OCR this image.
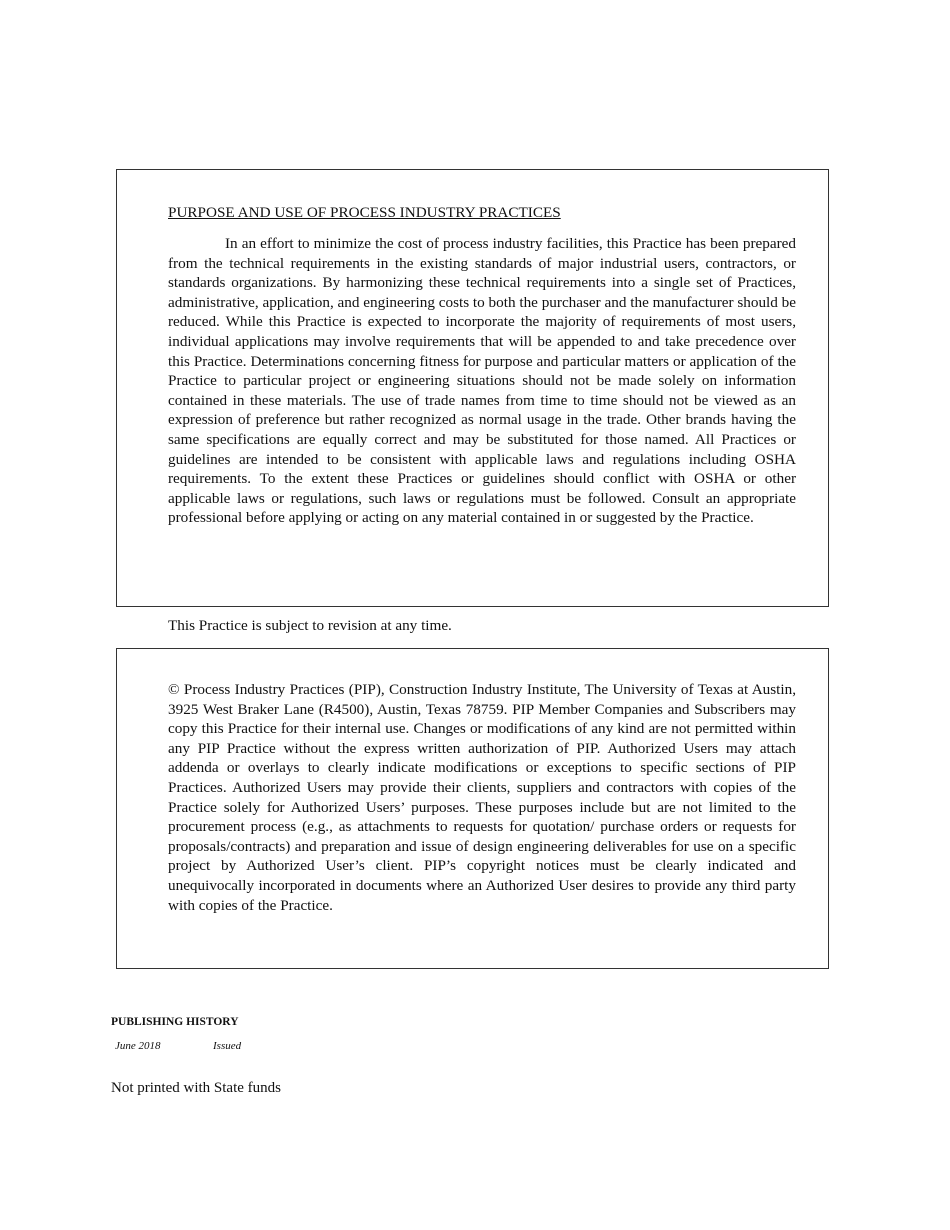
PURPOSE AND USE OF PROCESS INDUSTRY PRACTICES

In an effort to minimize the cost of process industry facilities, this Practice has been prepared from the technical requirements in the existing standards of major industrial users, contractors, or standards organizations. By harmonizing these technical requirements into a single set of Practices, administrative, application, and engineering costs to both the purchaser and the manufacturer should be reduced. While this Practice is expected to incorporate the majority of requirements of most users, individual applications may involve requirements that will be appended to and take precedence over this Practice. Determinations concerning fitness for purpose and particular matters or application of the Practice to particular project or engineering situations should not be made solely on information contained in these materials. The use of trade names from time to time should not be viewed as an expression of preference but rather recognized as normal usage in the trade. Other brands having the same specifications are equally correct and may be substituted for those named. All Practices or guidelines are intended to be consistent with applicable laws and regulations including OSHA requirements. To the extent these Practices or guidelines should conflict with OSHA or other applicable laws or regulations, such laws or regulations must be followed. Consult an appropriate professional before applying or acting on any material contained in or suggested by the Practice.

This Practice is subject to revision at any time.

© Process Industry Practices (PIP), Construction Industry Institute, The University of Texas at Austin, 3925 West Braker Lane (R4500), Austin, Texas 78759. PIP Member Companies and Subscribers may copy this Practice for their internal use. Changes or modifications of any kind are not permitted within any PIP Practice without the express written authorization of PIP. Authorized Users may attach addenda or overlays to clearly indicate modifications or exceptions to specific sections of PIP Practices. Authorized Users may provide their clients, suppliers and contractors with copies of the Practice solely for Authorized Users’ purposes. These purposes include but are not limited to the procurement process (e.g., as attachments to requests for quotation/ purchase orders or requests for proposals/contracts) and preparation and issue of design engineering deliverables for use on a specific project by Authorized User’s client. PIP’s copyright notices must be clearly indicated and unequivocally incorporated in documents where an Authorized User desires to provide any third party with copies of the Practice.

PUBLISHING HISTORY

June 2018	Issued

Not printed with State funds
